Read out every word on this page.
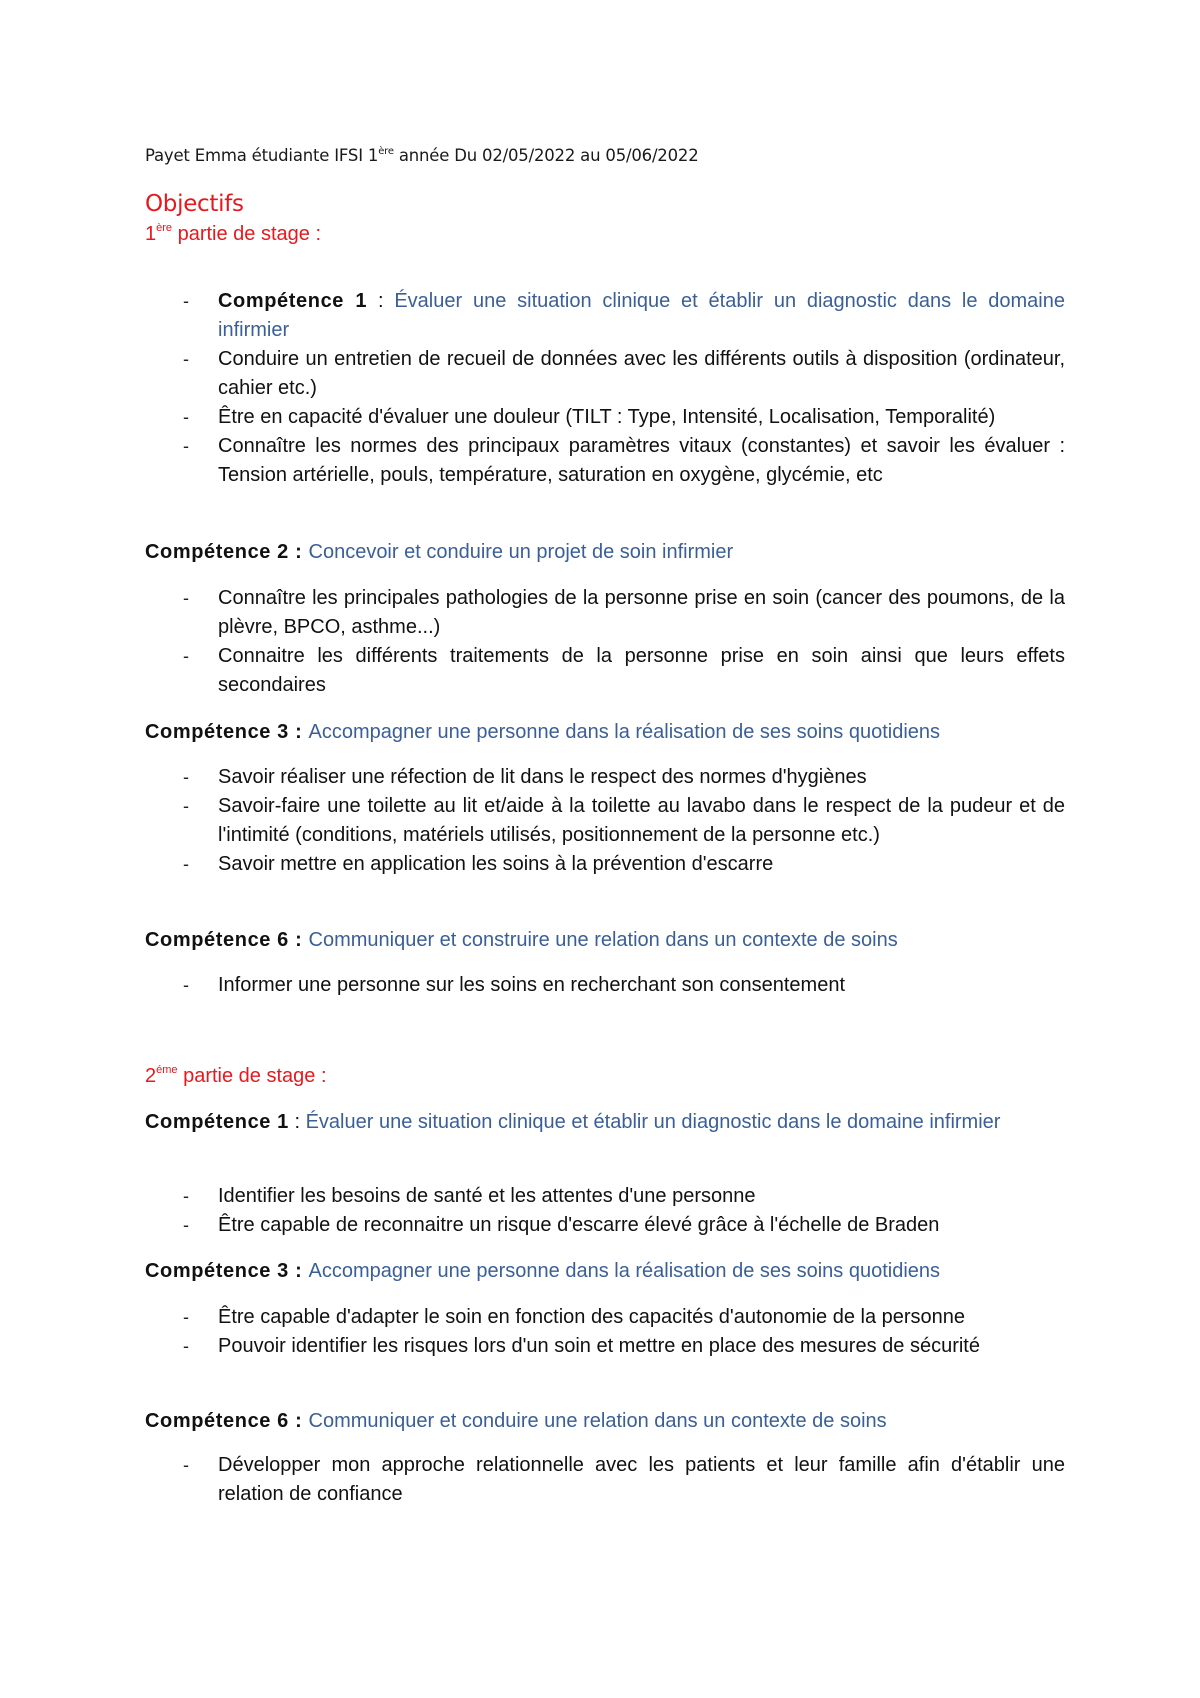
Payet Emma étudiante IFSI 1ère année Du 02/05/2022 au 05/06/2022
Objectifs
1ère partie de stage :
- Compétence 1 : Évaluer une situation clinique et établir un diagnostic dans le domaine infirmier
- Conduire un entretien de recueil de données avec les différents outils à disposition (ordinateur, cahier etc.)
- Être en capacité d'évaluer une douleur (TILT : Type, Intensité, Localisation, Temporalité)
- Connaître les normes des principaux paramètres vitaux (constantes) et savoir les évaluer : Tension artérielle, pouls, température, saturation en oxygène, glycémie, etc
Compétence 2 : Concevoir et conduire un projet de soin infirmier
- Connaître les principales pathologies de la personne prise en soin (cancer des poumons, de la plèvre, BPCO, asthme...)
- Connaitre les différents traitements de la personne prise en soin ainsi que leurs effets secondaires
Compétence 3 : Accompagner une personne dans la réalisation de ses soins quotidiens
- Savoir réaliser une réfection de lit dans le respect des normes d'hygiènes
- Savoir-faire une toilette au lit et/aide à la toilette au lavabo dans le respect de la pudeur et de l'intimité (conditions, matériels utilisés, positionnement de la personne etc.)
- Savoir mettre en application les soins à la prévention d'escarre
Compétence 6 : Communiquer et construire une relation dans un contexte de soins
- Informer une personne sur les soins en recherchant son consentement
$2^{éme}$ partie de stage :
Compétence 1 : Évaluer une situation clinique et établir un diagnostic dans le domaine infirmier
- Identifier les besoins de santé et les attentes d'une personne
- Être capable de reconnaitre un risque d'escarre élevé grâce à l'échelle de Braden
Compétence 3 : Accompagner une personne dans la réalisation de ses soins quotidiens
- Être capable d'adapter le soin en fonction des capacités d'autonomie de la personne
- Pouvoir identifier les risques lors d'un soin et mettre en place des mesures de sécurité
Compétence 6 : Communiquer et conduire une relation dans un contexte de soins
- Développer mon approche relationnelle avec les patients et leur famille afin d'établir une relation de confiance
